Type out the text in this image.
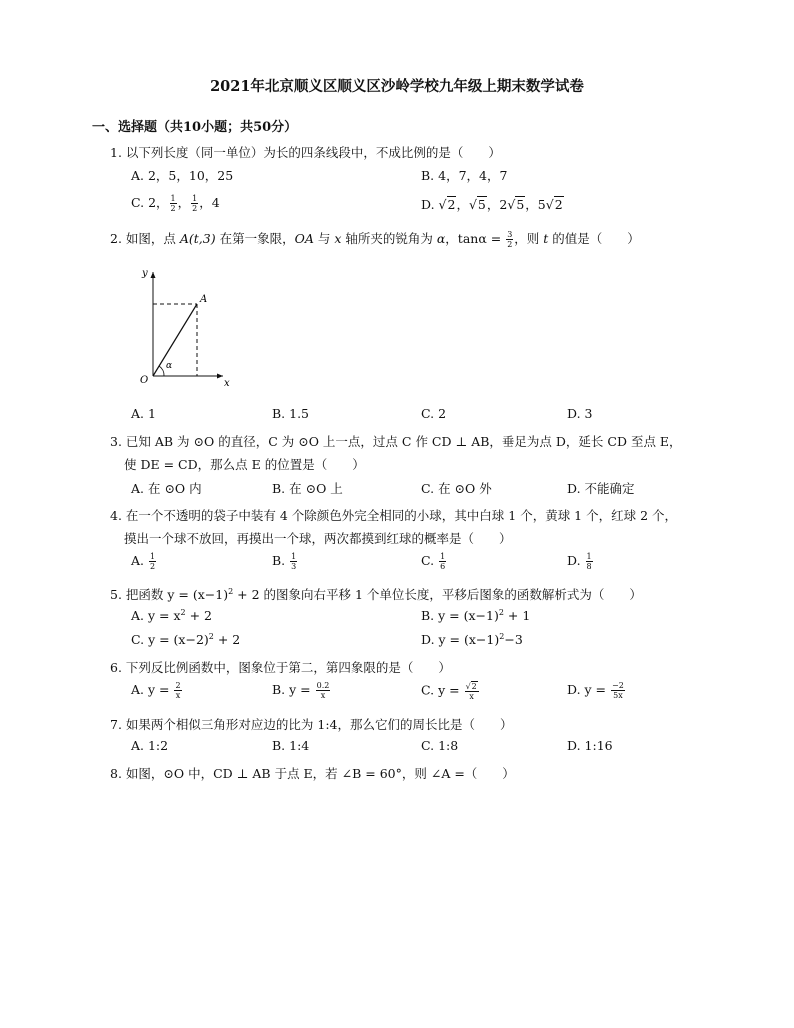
2021年北京顺义区顺义区沙岭学校九年级上期末数学试卷
一、选择题（共10小题；共50分）
1. 以下列长度（同一单位）为长的四条线段中，不成比例的是（　　）
A. 2，5，10，25	B. 4，7，4，7
C. 2， $\frac{1}{2}$ ， $\frac{1}{2}$ ，4	D. √2，√5，2√5，5√2
2. 如图，点 A(t,3) 在第一象限，OA 与 x 轴所夹的锐角为 α，$\tan\alpha = \frac{3}{2}$ ，则 t 的值是（　　）
y
x
O
A
α
A. 1	B. 1.5	C. 2	D. 3
3. 已知 AB 为 ⊙O 的直径，C 为 ⊙O 上一点，过点 C 作 CD ⊥ AB，垂足为点 D，延长 CD 至点 E，
使 DE = CD，那么点 E 的位置是（　　）
A. 在 ⊙O 内	B. 在 ⊙O 上	C. 在 ⊙O 外	D. 不能确定
4. 在一个不透明的袋子中装有 4 个除颜色外完全相同的小球，其中白球 1 个，黄球 1 个，红球 2 个，
摸出一个球不放回，再摸出一个球，两次都摸到红球的概率是（　　）
A. $\frac{1}{2}$	B. $\frac{1}{3}$	C. $\frac{1}{6}$	D. $\frac{1}{8}$
5. 把函数 $y = (x-1)^2 + 2$ 的图象向右平移 1 个单位长度，平移后图象的函数解析式为（　　）
A. $y = x^2 + 2$	B. $y = (x-1)^2 + 1$
C. $y = (x-2)^2 + 2$	D. $y = (x-1)^2-3$
6. 下列反比例函数中，图象位于第二，第四象限的是（　　）
A. $y = \frac{2}{x}$	B. $y = \frac{0.2}{x}$	C. $y = \frac{√2}{x}$	D. $y = \frac{-2}{5x}$
7. 如果两个相似三角形对应边的比为 1:4，那么它们的周长比是（　　）
A. 1:2	B. 1:4	C. 1:8	D. 1:16
8. 如图，⊙O 中，CD ⊥ AB 于点 E，若 ∠B = 60°，则 ∠A =（　　）
